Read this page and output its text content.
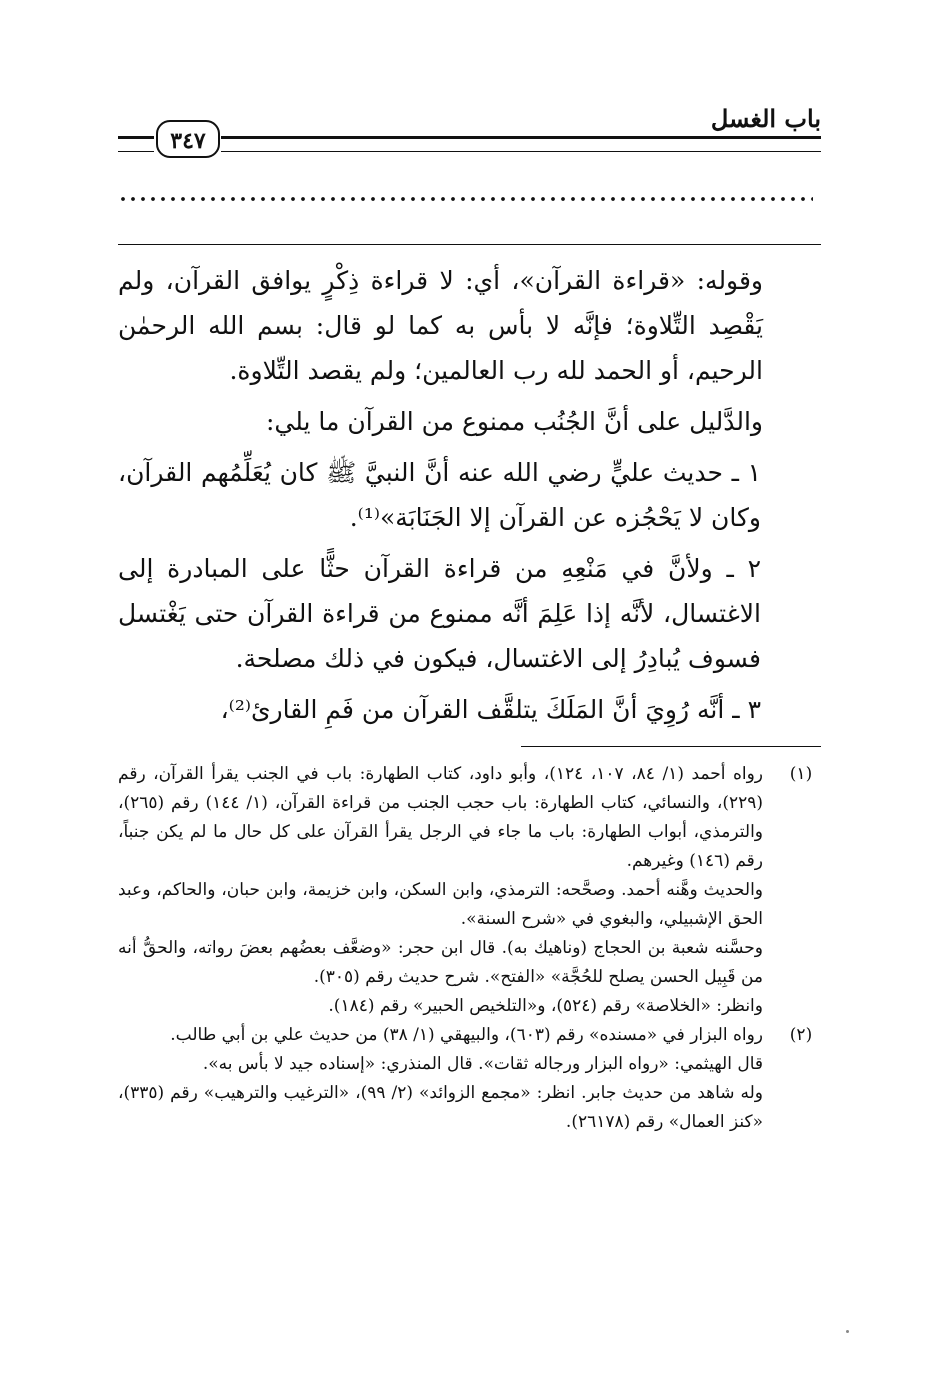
باب الغسل
٣٤٧

وقوله: «قراءة القرآن»، أي: لا قراءة ذِكْرٍ يوافق القرآن، ولم يَقْصِد التِّلاوة؛ فإنَّه لا بأس به كما لو قال: بسم الله الرحمٰن الرحيم، أو الحمد لله رب العالمين؛ ولم يقصد التِّلاوة.

والدَّليل على أنَّ الجُنُب ممنوع من القرآن ما يلي:

١ ـ حديث عليٍّ رضي الله عنه أنَّ النبيَّ ﷺ كان يُعَلِّمُهم القرآن، وكان لا يَحْجُزه عن القرآن إلا الجَنَابَة»⁽¹⁾.

٢ ـ ولأنَّ في مَنْعِهِ من قراءة القرآن حثًّا على المبادرة إلى الاغتسال، لأنَّه إذا عَلِمَ أنَّه ممنوع من قراءة القرآن حتى يَغْتسل فسوف يُبادِرُ إلى الاغتسال، فيكون في ذلك مصلحة.

٣ ـ أنَّه رُوِيَ أنَّ المَلَكَ يتلقَّف القرآن من فَمِ القارئ⁽²⁾،

(١)

رواه أحمد (١/ ٨٤، ١٠٧، ١٢٤)، وأبو داود، كتاب الطهارة: باب في الجنب يقرأ القرآن، رقم (٢٢٩)، والنسائي، كتاب الطهارة: باب حجب الجنب من قراءة القرآن، (١/ ١٤٤) رقم (٢٦٥)، والترمذي، أبواب الطهارة: باب ما جاء في الرجل يقرأ القرآن على كل حال ما لم يكن جنباً، رقم (١٤٦) وغيرهم.

والحديث وهَّنه أحمد. وصحَّحه: الترمذي، وابن السكن، وابن خزيمة، وابن حبان، والحاكم، وعبد الحق الإشبيلي، والبغوي في «شرح السنة».

وحسَّنه شعبة بن الحجاج (وناهيك به). قال ابن حجر: «وضعَّف بعضُهم بعضَ رواته، والحقُّ أنه من قَبِيل الحسن يصلح للحُجَّة» «الفتح». شرح حديث رقم (٣٠٥).

وانظر: «الخلاصة» رقم (٥٢٤)، و«التلخيص الحبير» رقم (١٨٤).

(٢)

رواه البزار في «مسنده» رقم (٦٠٣)، والبيهقي (١/ ٣٨) من حديث علي بن أبي طالب.

قال الهيثمي: «رواه البزار ورجاله ثقات». قال المنذري: «إسناده جيد لا بأس به».

وله شاهد من حديث جابر. انظر: «مجمع الزوائد» (٢/ ٩٩)، «الترغيب والترهيب» رقم (٣٣٥)، «كنز العمال» رقم (٢٦١٧٨).
